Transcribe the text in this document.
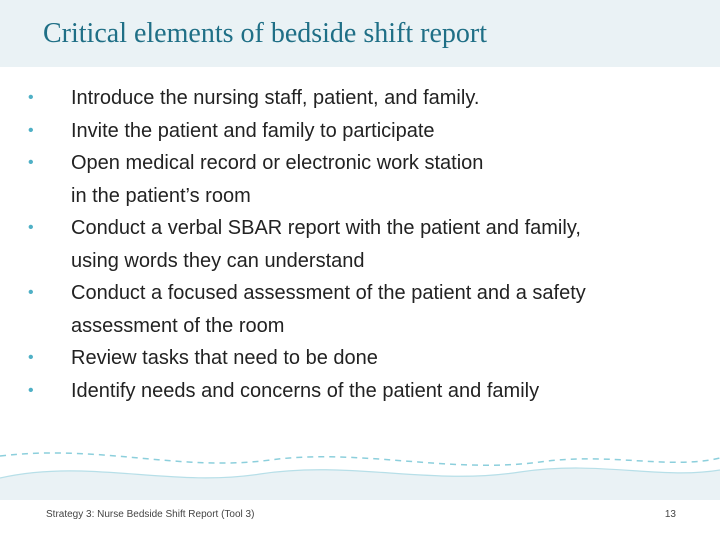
Critical elements of bedside shift report
• Introduce the nursing staff, patient, and family.
• Invite the patient and family to participate
• Open medical record or electronic work station
in the patient’s room
• Conduct a verbal SBAR report with the patient and family,
using words they can understand
• Conduct a focused assessment of the patient and a safety
assessment of the room
• Review tasks that need to be done
• Identify needs and concerns of the patient and family
Strategy 3: Nurse Bedside Shift Report (Tool 3)	13
